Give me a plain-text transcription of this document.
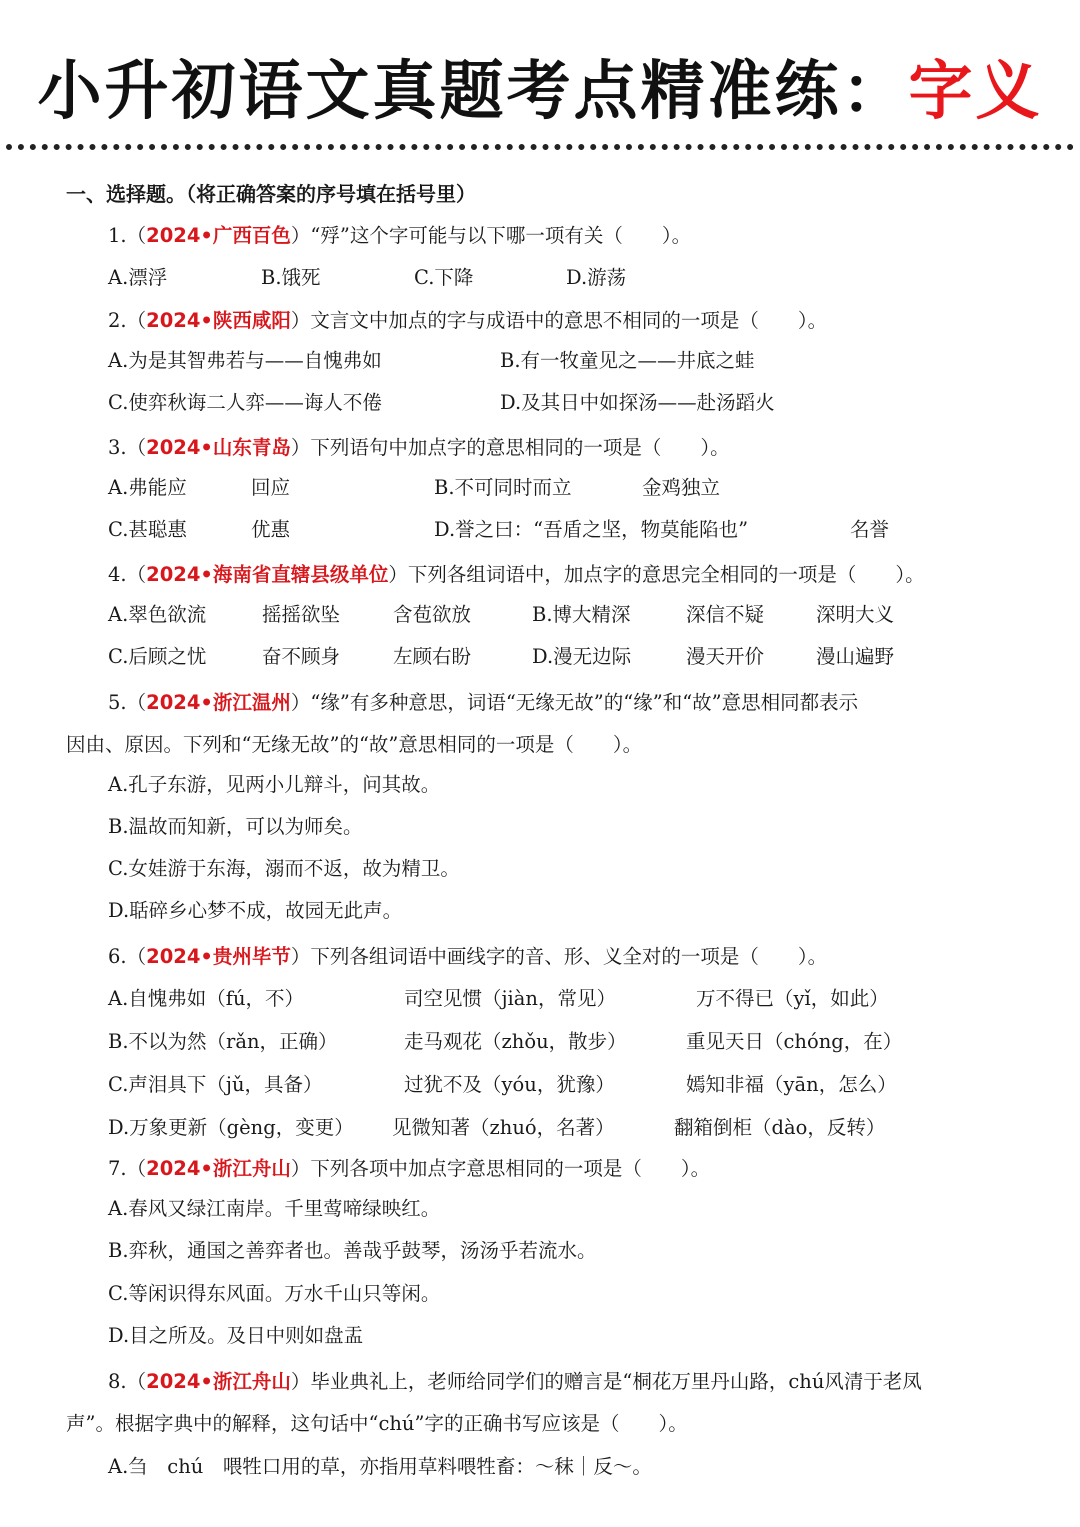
小升初语文真题考点精准练：字义
一、选择题。（将正确答案的序号填在括号里）
1.（2024•广西百色）“殍”这个字可能与以下哪一项有关（　　）。
A.漂浮	B.饿死	C.下降	D.游荡
2.（2024•陕西咸阳）文言文中加点的字与成语中的意思不相同的一项是（　　）。
A.为是其智弗若与——自愧弗如	B.有一牧童见之——井底之蛙
C.使弈秋诲二人弈——诲人不倦	D.及其日中如探汤——赴汤蹈火
3.（2024•山东青岛）下列语句中加点字的意思相同的一项是（　　）。
A.弗能应	回应	B.不可同时而立	金鸡独立
C.甚聪惠	优惠	D.誉之曰：“吾盾之坚，物莫能陷也”	名誉
4.（2024•海南省直辖县级单位）下列各组词语中，加点字的意思完全相同的一项是（　　）。
A.翠色欲流	摇摇欲坠	含苞欲放	B.博大精深	深信不疑	深明大义
C.后顾之忧	奋不顾身	左顾右盼	D.漫无边际	漫天开价	漫山遍野
5.（2024•浙江温州）“缘”有多种意思，词语“无缘无故”的“缘”和“故”意思相同都表示
因由、原因。下列和“无缘无故”的“故”意思相同的一项是（　　）。
A.孔子东游，见两小儿辩斗，问其故。
B.温故而知新，可以为师矣。
C.女娃游于东海，溺而不返，故为精卫。
D.聒碎乡心梦不成，故园无此声。
6.（2024•贵州毕节）下列各组词语中画线字的音、形、义全对的一项是（　　）。
A.自愧弗如（fú，不）	司空见惯（jiàn，常见）	万不得已（yǐ，如此）
B.不以为然（rǎn，正确）	走马观花（zhǒu，散步）	重见天日（chóng，在）
C.声泪具下（jǔ，具备）	过犹不及（yóu，犹豫）	嫣知非福（yān，怎么）
D.万象更新（gèng，变更） 见微知著（zhuó，名著）	翻箱倒柜（dào，反转）
7.（2024•浙江舟山）下列各项中加点字意思相同的一项是（　　）。
A.春风又绿江南岸。千里莺啼绿映红。
B.弈秋，通国之善弈者也。善哉乎鼓琴，汤汤乎若流水。
C.等闲识得东风面。万水千山只等闲。
D.目之所及。及日中则如盘盂
8.（2024•浙江舟山）毕业典礼上，老师给同学们的赠言是“桐花万里丹山路，chú风清于老凤
声”。根据字典中的解释，这句话中“chú”字的正确书写应该是（　　）。
A.刍　chú　喂牲口用的草，亦指用草料喂牲畜：～秣｜反～。
